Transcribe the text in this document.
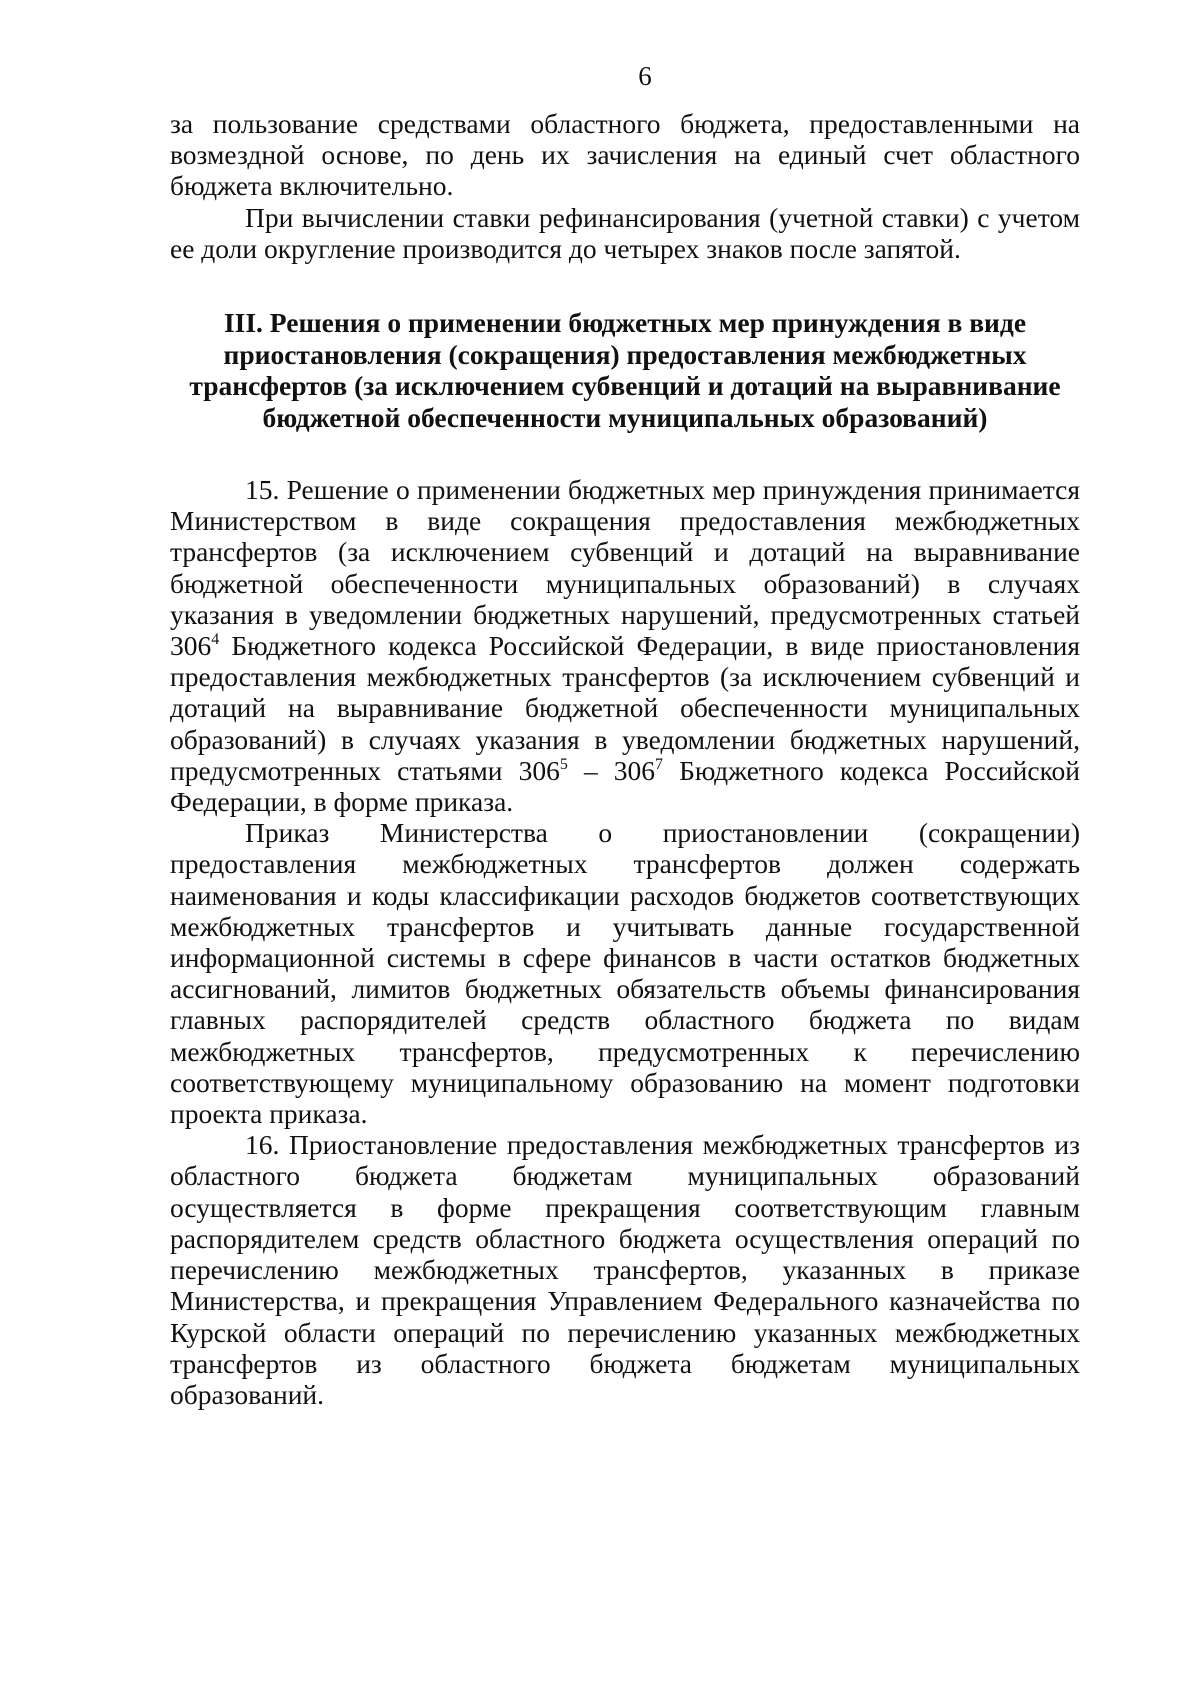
6

за пользование средствами областного бюджета, предоставленными на возмездной основе, по день их зачисления на единый счет областного бюджета включительно.

При вычислении ставки рефинансирования (учетной ставки) с учетом ее доли округление производится до четырех знаков после запятой.

III. Решения о применении бюджетных мер принуждения в виде
приостановления (сокращения) предоставления межбюджетных
трансфертов (за исключением субвенций и дотаций на выравнивание
бюджетной обеспеченности муниципальных образований)

15. Решение о применении бюджетных мер принуждения принимается Министерством в виде сокращения предоставления межбюджетных трансфертов (за исключением субвенций и дотаций на выравнивание бюджетной обеспеченности муниципальных образований) в случаях указания в уведомлении бюджетных нарушений, предусмотренных статьей $306^4$ Бюджетного кодекса Российской Федерации, в виде приостановления предоставления межбюджетных трансфертов (за исключением субвенций и дотаций на выравнивание бюджетной обеспеченности муниципальных образований) в случаях указания в уведомлении бюджетных нарушений, предусмотренных статьями $306^5 - 306^7$ Бюджетного кодекса Российской Федерации, в форме приказа.

Приказ Министерства о приостановлении (сокращении) предоставления межбюджетных трансфертов должен содержать наименования и коды классификации расходов бюджетов соответствующих межбюджетных трансфертов и учитывать данные государственной информационной системы в сфере финансов в части остатков бюджетных ассигнований, лимитов бюджетных обязательств объемы финансирования главных распорядителей средств областного бюджета по видам межбюджетных трансфертов, предусмотренных к перечислению соответствующему муниципальному образованию на момент подготовки проекта приказа.

16. Приостановление предоставления межбюджетных трансфертов из областного бюджета бюджетам муниципальных образований осуществляется в форме прекращения соответствующим главным распорядителем средств областного бюджета осуществления операций по перечислению межбюджетных трансфертов, указанных в приказе Министерства, и прекращения Управлением Федерального казначейства по Курской области операций по перечислению указанных межбюджетных трансфертов из областного бюджета бюджетам муниципальных образований.
